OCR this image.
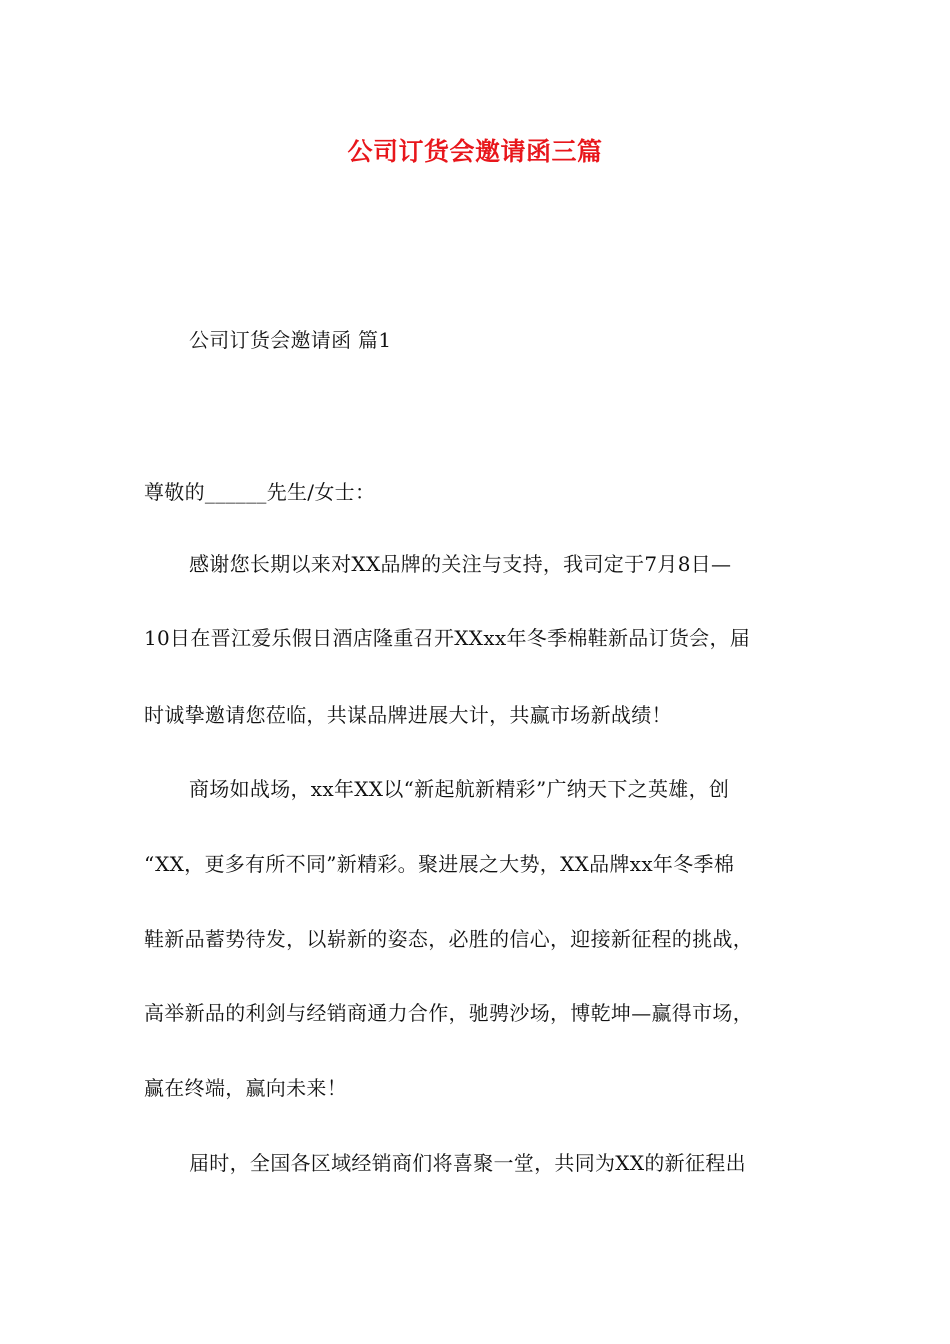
公司订货会邀请函三篇
公司订货会邀请函 篇1
尊敬的______先生/女士：
感谢您长期以来对XX品牌的关注与支持，我司定于7月8日—
10日在晋江爱乐假日酒店隆重召开XXxx年冬季棉鞋新品订货会，届
时诚挚邀请您莅临，共谋品牌进展大计，共赢市场新战绩！
商场如战场，xx年XX以“新起航新精彩”广纳天下之英雄，创
“XX，更多有所不同”新精彩。聚进展之大势，XX品牌xx年冬季棉
鞋新品蓄势待发，以崭新的姿态，必胜的信心，迎接新征程的挑战，
高举新品的利剑与经销商通力合作，驰骋沙场，博乾坤—赢得市场，
赢在终端，赢向未来！
届时，全国各区域经销商们将喜聚一堂，共同为XX的新征程出
